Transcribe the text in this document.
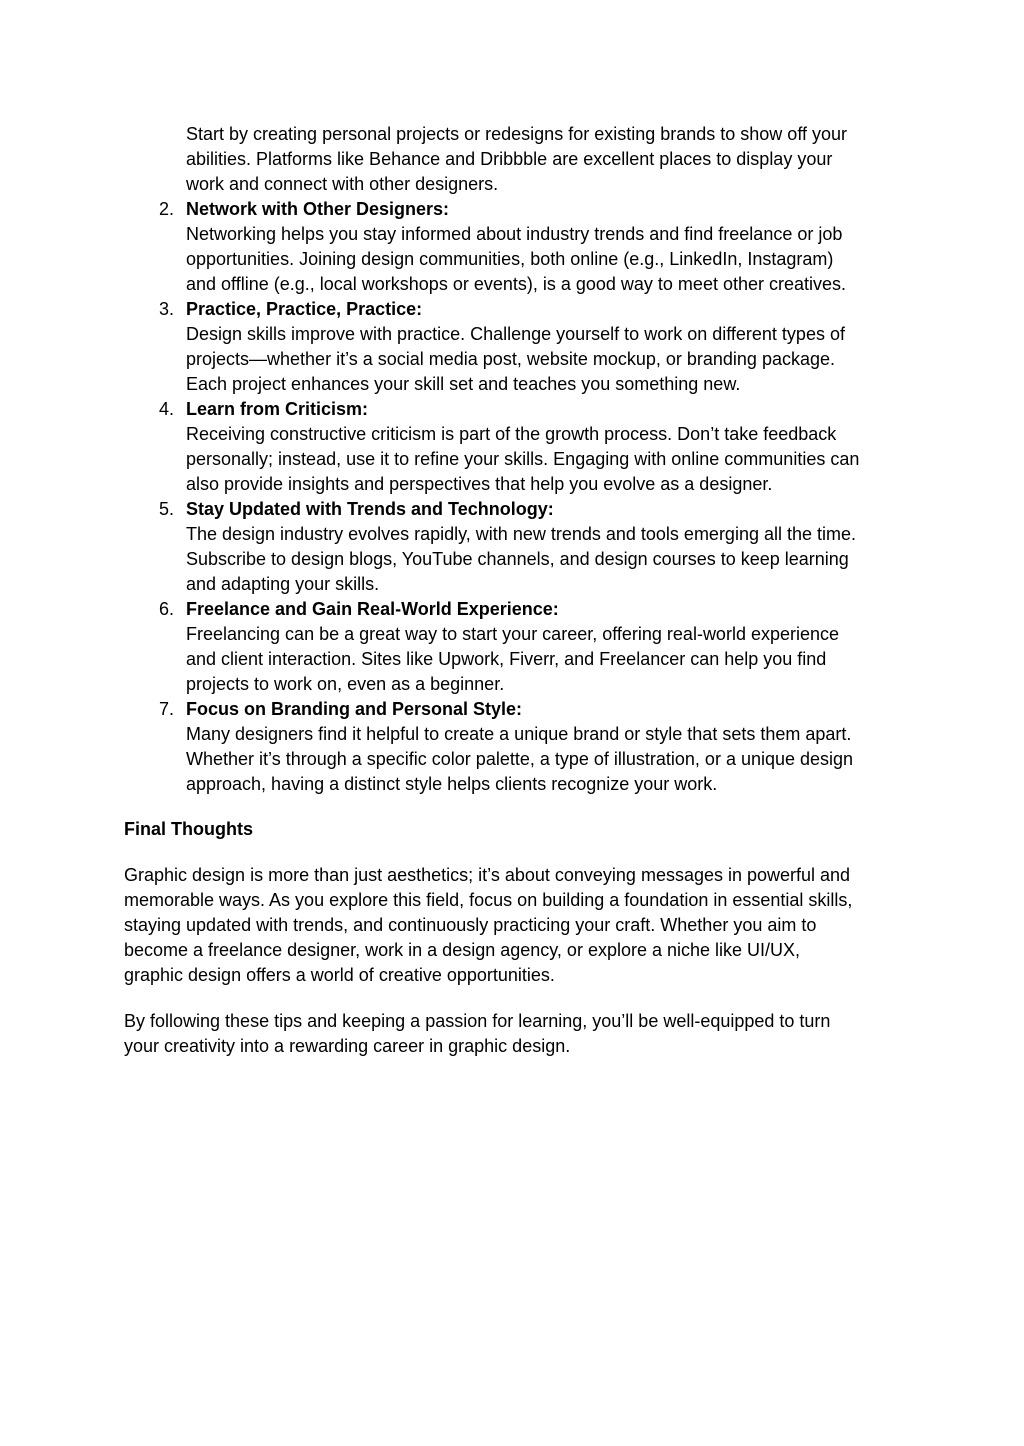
Start by creating personal projects or redesigns for existing brands to show off your
abilities. Platforms like Behance and Dribbble are excellent places to display your
work and connect with other designers.
2. Network with Other Designers:
Networking helps you stay informed about industry trends and find freelance or job
opportunities. Joining design communities, both online (e.g., LinkedIn, Instagram)
and offline (e.g., local workshops or events), is a good way to meet other creatives.
3. Practice, Practice, Practice:
Design skills improve with practice. Challenge yourself to work on different types of
projects—whether it’s a social media post, website mockup, or branding package.
Each project enhances your skill set and teaches you something new.
4. Learn from Criticism:
Receiving constructive criticism is part of the growth process. Don’t take feedback
personally; instead, use it to refine your skills. Engaging with online communities can
also provide insights and perspectives that help you evolve as a designer.
5. Stay Updated with Trends and Technology:
The design industry evolves rapidly, with new trends and tools emerging all the time.
Subscribe to design blogs, YouTube channels, and design courses to keep learning
and adapting your skills.
6. Freelance and Gain Real-World Experience:
Freelancing can be a great way to start your career, offering real-world experience
and client interaction. Sites like Upwork, Fiverr, and Freelancer can help you find
projects to work on, even as a beginner.
7. Focus on Branding and Personal Style:
Many designers find it helpful to create a unique brand or style that sets them apart.
Whether it’s through a specific color palette, a type of illustration, or a unique design
approach, having a distinct style helps clients recognize your work.
Final Thoughts
Graphic design is more than just aesthetics; it’s about conveying messages in powerful and
memorable ways. As you explore this field, focus on building a foundation in essential skills,
staying updated with trends, and continuously practicing your craft. Whether you aim to
become a freelance designer, work in a design agency, or explore a niche like UI/UX,
graphic design offers a world of creative opportunities.
By following these tips and keeping a passion for learning, you’ll be well-equipped to turn
your creativity into a rewarding career in graphic design.
